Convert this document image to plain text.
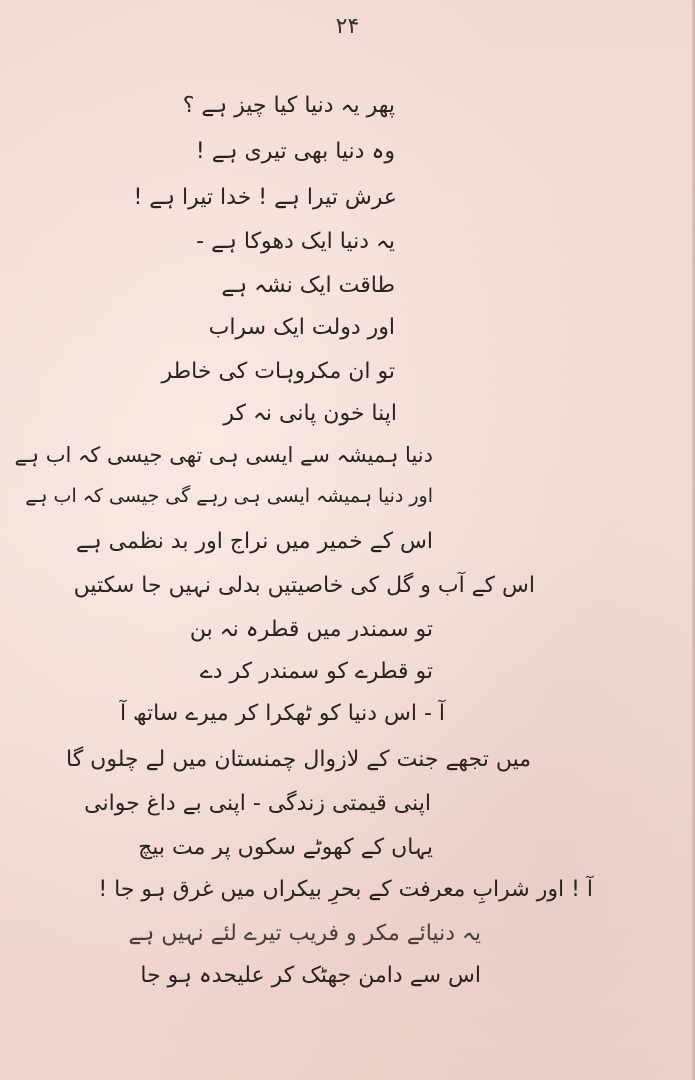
۲۴
پھر یہ دنیا کیا چیز ہے ؟
وہ دنیا بھی تیری ہے !
عرش تیرا ہے ! خدا تیرا ہے !
یہ دنیا ایک دھوکا ہے -
طاقت ایک نشہ ہے
اور دولت ایک سراب
تو ان مکروہات کی خاطر
اپنا خون پانی نہ کر
دنیا ہمیشہ سے ایسی ہی تھی جیسی کہ اب ہے
اور دنیا ہمیشہ ایسی ہی رہے گی جیسی کہ اب ہے
اس کے خمیر میں نراج اور بد نظمی ہے
اس کے آب و گل کی خاصیتیں بدلی نہیں جا سکتیں
تو سمندر میں قطرہ نہ بن
تو قطرے کو سمندر کر دے
آ - اس دنیا کو ٹھکرا کر میرے ساتھ آ
میں تجھے جنت کے لازوال چمنستان میں لے چلوں گا
اپنی قیمتی زندگی - اپنی بے داغ جوانی
یہاں کے کھوٹے سکوں پر مت بیچ
آ ! اور شرابِ معرفت کے بحرِ بیکراں میں غرق ہو جا !
یہ دنیائے مکر و فریب تیرے لئے نہیں ہے
اس سے دامن جھٹک کر علیحدہ ہو جا
